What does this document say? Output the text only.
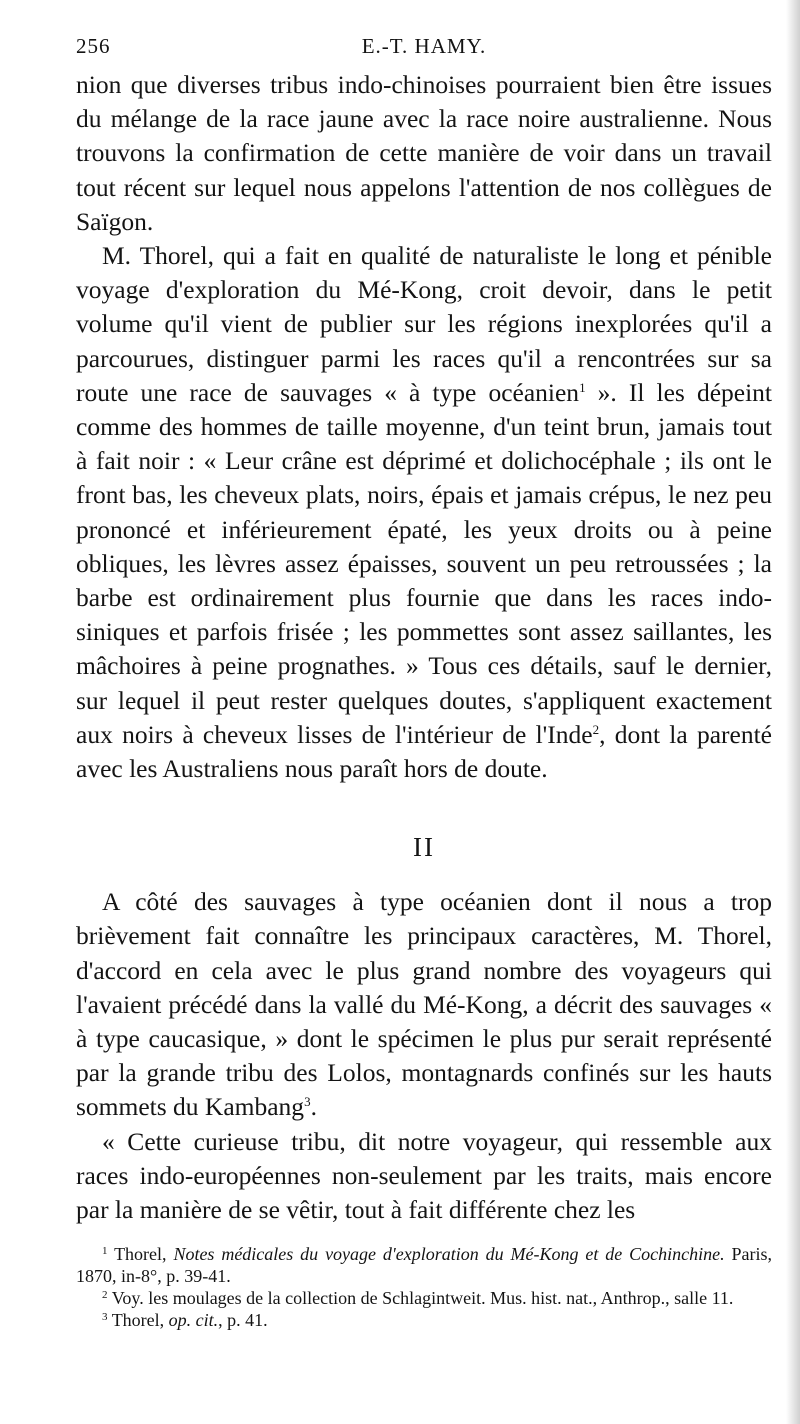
256	E.-T. HAMY.

nion que diverses tribus indo-chinoises pourraient bien être issues du mélange de la race jaune avec la race noire australienne. Nous trouvons la confirmation de cette manière de voir dans un travail tout récent sur lequel nous appelons l'attention de nos collègues de Saïgon.

M. Thorel, qui a fait en qualité de naturaliste le long et pénible voyage d'exploration du Mé-Kong, croit devoir, dans le petit volume qu'il vient de publier sur les régions inexplorées qu'il a parcourues, distinguer parmi les races qu'il a rencontrées sur sa route une race de sauvages « à type océanien$^1$ ». Il les dépeint comme des hommes de taille moyenne, d'un teint brun, jamais tout à fait noir : « Leur crâne est déprimé et dolichocéphale ; ils ont le front bas, les cheveux plats, noirs, épais et jamais crépus, le nez peu prononcé et inférieurement épaté, les yeux droits ou à peine obliques, les lèvres assez épaisses, souvent un peu retroussées ; la barbe est ordinairement plus fournie que dans les races indo-siniques et parfois frisée ; les pommettes sont assez saillantes, les mâchoires à peine prognathes. » Tous ces détails, sauf le dernier, sur lequel il peut rester quelques doutes, s'appliquent exactement aux noirs à cheveux lisses de l'intérieur de l'Inde$^2$, dont la parenté avec les Australiens nous paraît hors de doute.

II

A côté des sauvages à type océanien dont il nous a trop brièvement fait connaître les principaux caractères, M. Thorel, d'accord en cela avec le plus grand nombre des voyageurs qui l'avaient précédé dans la vallé du Mé-Kong, a décrit des sauvages « à type caucasique, » dont le spécimen le plus pur serait représenté par la grande tribu des Lolos, montagnards confinés sur les hauts sommets du Kambang$^3$.

« Cette curieuse tribu, dit notre voyageur, qui ressemble aux races indo-européennes non-seulement par les traits, mais encore par la manière de se vêtir, tout à fait différente chez les

$^1$ Thorel, Notes médicales du voyage d'exploration du Mé-Kong et de Cochinchine. Paris, 1870, in-8°, p. 39-41.

$^2$ Voy. les moulages de la collection de Schlagintweit. Mus. hist. nat., Anthrop., salle 11.

$^3$ Thorel, op. cit., p. 41.
